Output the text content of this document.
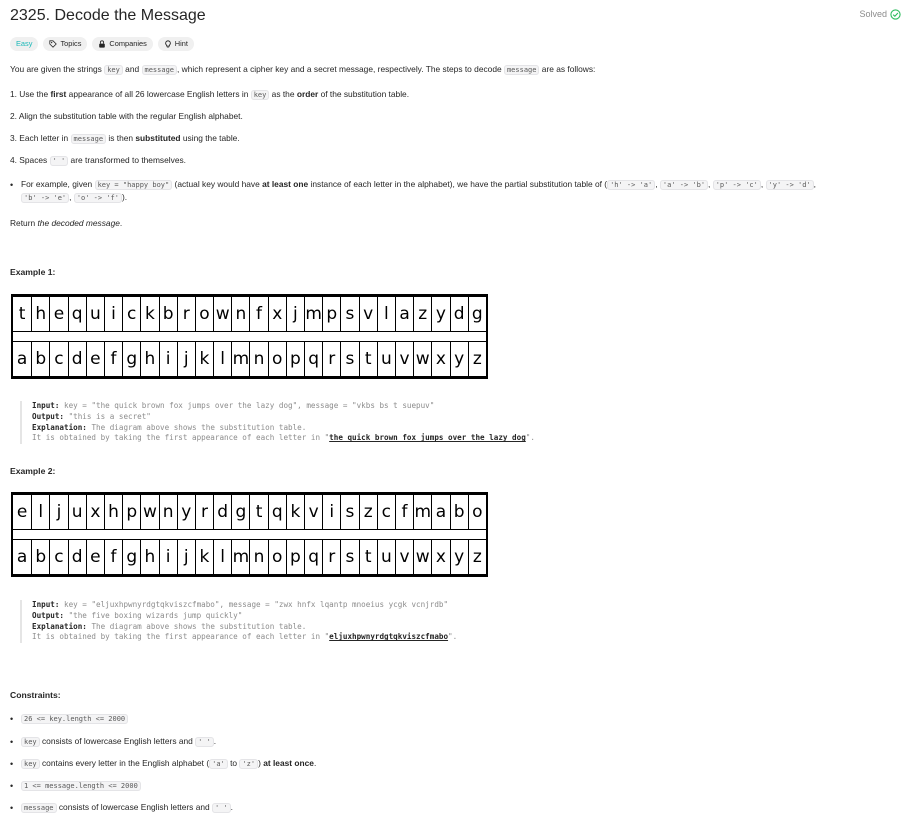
2325. Decode the Message	Solved
Easy	Topics	Companies	Hint
You are given the strings key and message , which represent a cipher key and a secret message, respectively. The steps to decode message are as follows:
1. Use the first appearance of all 26 lowercase English letters in key as the order of the substitution table.
2. Align the substitution table with the regular English alphabet.
3. Each letter in message is then substituted using the table.
4. Spaces ' ' are transformed to themselves.
• For example, given key = "happy boy" (actual key would have at least one instance of each letter in the alphabet), we have the partial substitution table of ( 'h' -> 'a' , 'a' -> 'b' , 'p' -> 'c' , 'y' -> 'd' ,
'b' -> 'e' , 'o' -> 'f' ).
Return the decoded message.
Example 1:
t h e q u i c k b r o w n f x j m p s v l a z y d g
a b c d e f g h i j k l m n o p q r s t u v w x y z
Input: key = "the quick brown fox jumps over the lazy dog", message = "vkbs bs t suepuv"
Output: "this is a secret"
Explanation: The diagram above shows the substitution table.
It is obtained by taking the first appearance of each letter in "the quick brown fox jumps over the lazy dog".
Example 2:
e l j u x h p w n y r d g t q k v i s z c f m a b o
a b c d e f g h i j k l m n o p q r s t u v w x y z
Input: key = "eljuxhpwnyrdgtqkviszcfmabo", message = "zwx hnfx lqantp mnoeius ycgk vcnjrdb"
Output: "the five boxing wizards jump quickly"
Explanation: The diagram above shows the substitution table.
It is obtained by taking the first appearance of each letter in "eljuxhpwnyrdgtqkviszcfmabo".
Constraints:
•	26 <= key.length <= 2000
•	key consists of lowercase English letters and ' ' .
•	key contains every letter in the English alphabet ( 'a' to 'z' ) at least once.
•	1 <= message.length <= 2000
•	message consists of lowercase English letters and ' ' .
